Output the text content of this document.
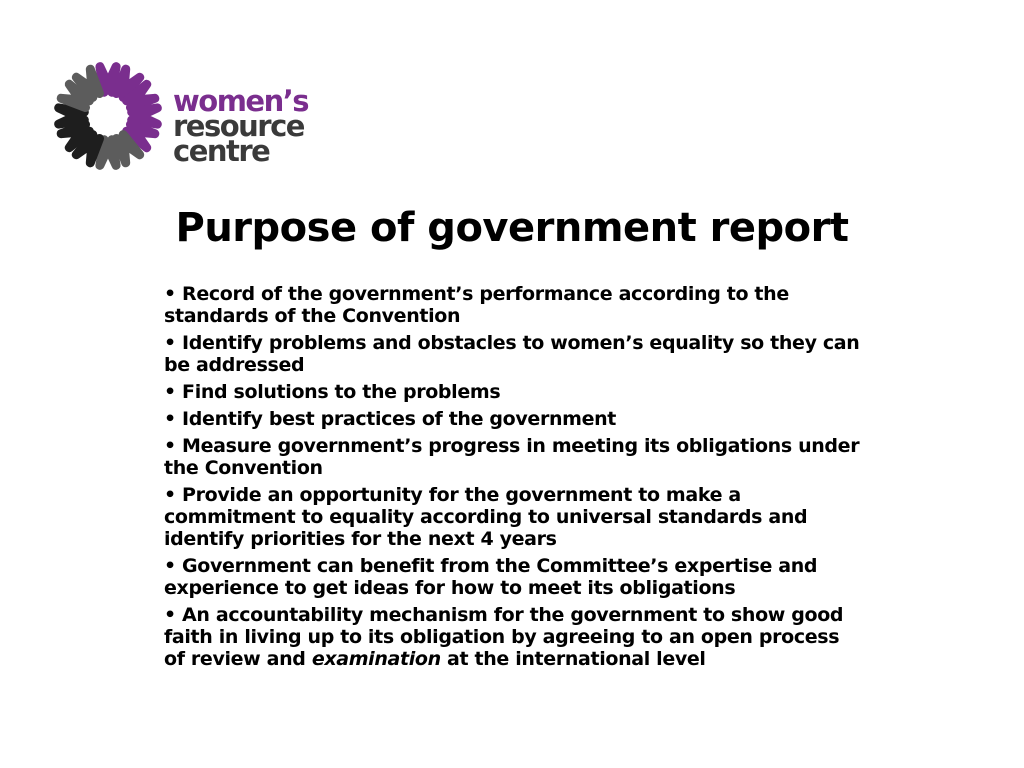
women’s
resource
centre
Purpose of government report
• Record of the government’s performance according to the standards of the Convention
• Identify problems and obstacles to women’s equality so they can be addressed
• Find solutions to the problems
• Identify best practices of the government
• Measure government’s progress in meeting its obligations under the Convention
• Provide an opportunity for the government to make a commitment to equality according to universal standards and identify priorities for the next 4 years
• Government can benefit from the Committee’s expertise and experience to get ideas for how to meet its obligations
• An accountability mechanism for the government to show good faith in living up to its obligation by agreeing to an open process of review and examination at the international level
